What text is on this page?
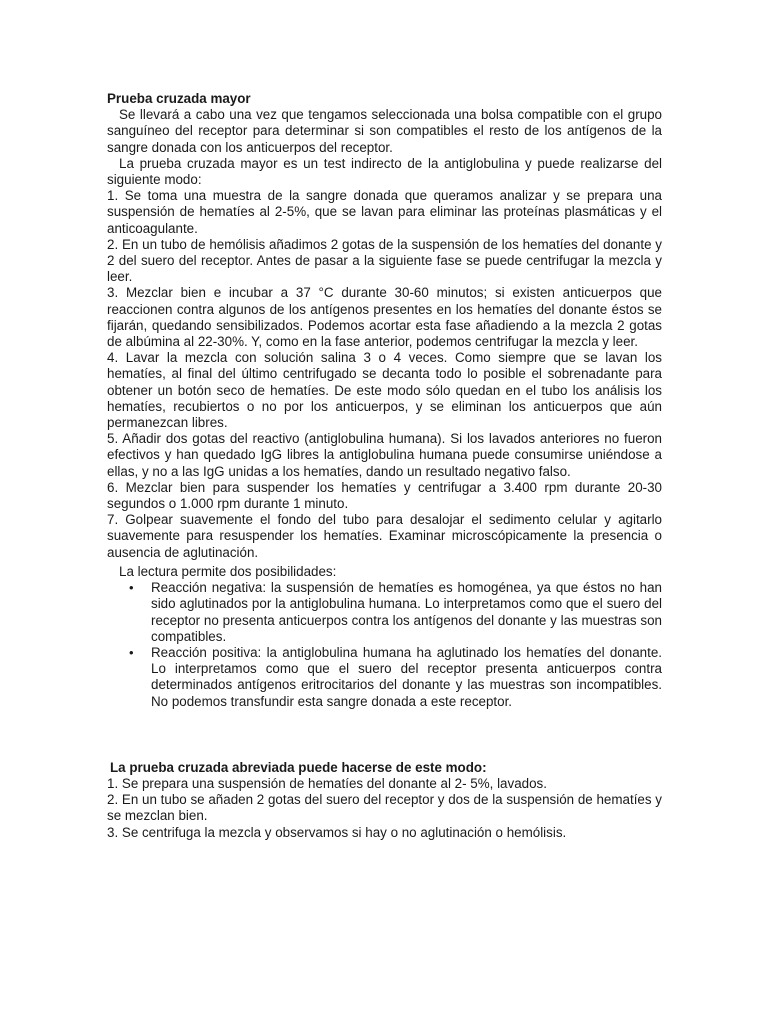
Prueba cruzada mayor

Se llevará a cabo una vez que tengamos seleccionada una bolsa compatible con el grupo sanguíneo del receptor para determinar si son compatibles el resto de los antígenos de la sangre donada con los anticuerpos del receptor.

La prueba cruzada mayor es un test indirecto de la antiglobulina y puede realizarse del siguiente modo:

1. Se toma una muestra de la sangre donada que queramos analizar y se prepara una suspensión de hematíes al 2-5%, que se lavan para eliminar las proteínas plasmáticas y el anticoagulante.

2. En un tubo de hemólisis añadimos 2 gotas de la suspensión de los hematíes del donante y 2 del suero del receptor. Antes de pasar a la siguiente fase se puede centrifugar la mezcla y leer.

3. Mezclar bien e incubar a 37 °C durante 30-60 minutos; si existen anticuerpos que reaccionen contra algunos de los antígenos presentes en los hematíes del donante éstos se fijarán, quedando sensibilizados. Podemos acortar esta fase añadiendo a la mezcla 2 gotas de albúmina al 22-30%. Y, como en la fase anterior, podemos centrifugar la mezcla y leer.

4. Lavar la mezcla con solución salina 3 o 4 veces. Como siempre que se lavan los hematíes, al final del último centrifugado se decanta todo lo posible el sobrenadante para obtener un botón seco de hematíes. De este modo sólo quedan en el tubo los análisis los hematíes, recubiertos o no por los anticuerpos, y se eliminan los anticuerpos que aún permanezcan libres.

5. Añadir dos gotas del reactivo (antiglobulina humana). Si los lavados anteriores no fueron efectivos y han quedado IgG libres la antiglobulina humana puede consumirse uniéndose a ellas, y no a las IgG unidas a los hematíes, dando un resultado negativo falso.

6. Mezclar bien para suspender los hematíes y centrifugar a 3.400 rpm durante 20-30 segundos o 1.000 rpm durante 1 minuto.

7. Golpear suavemente el fondo del tubo para desalojar el sedimento celular y agitarlo suavemente para resuspender los hematíes. Examinar microscópicamente la presencia o ausencia de aglutinación.

La lectura permite dos posibilidades:

• Reacción negativa: la suspensión de hematíes es homogénea, ya que éstos no han sido aglutinados por la antiglobulina humana. Lo interpretamos como que el suero del receptor no presenta anticuerpos contra los antígenos del donante y las muestras son compatibles.
• Reacción positiva: la antiglobulina humana ha aglutinado los hematíes del donante. Lo interpretamos como que el suero del receptor presenta anticuerpos contra determinados antígenos eritrocitarios del donante y las muestras son incompatibles. No podemos transfundir esta sangre donada a este receptor.

La prueba cruzada abreviada puede hacerse de este modo:

1. Se prepara una suspensión de hematíes del donante al 2- 5%, lavados.

2. En un tubo se añaden 2 gotas del suero del receptor y dos de la suspensión de hematíes y se mezclan bien.

3. Se centrifuga la mezcla y observamos si hay o no aglutinación o hemólisis.
